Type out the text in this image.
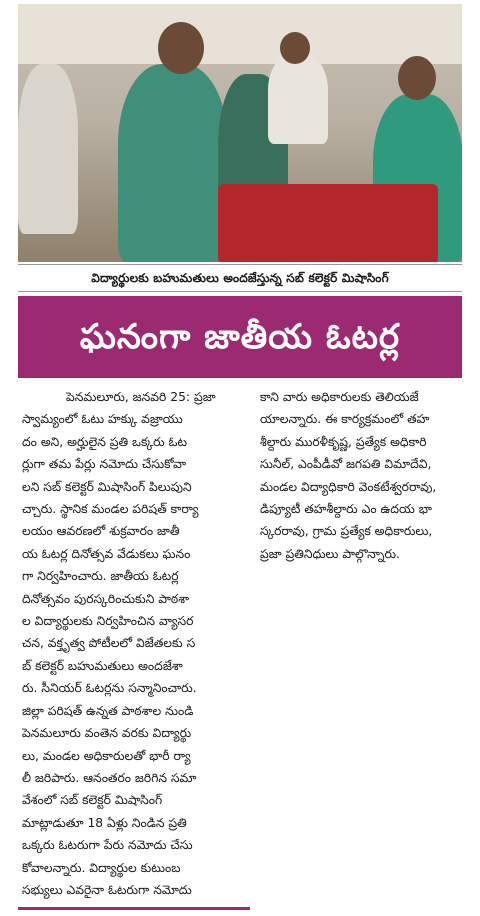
విద్యార్థులకు బహుమతులు అందజేస్తున్న సబ్ కలెక్టర్ మిషాసింగ్
ఘనంగా జాతీయ ఓటర్ల దినోత్సవం
పెనమలూరు, జనవరి 25: ప్రజా
స్వామ్యంలో ఓటు హక్కు వజ్రాయు
దం అని, అర్హులైన ప్రతి ఒక్కరు ఓట
ర్లుగా తమ పేర్లు నమోదు చేసుకోవా
లని సబ్ కలెక్టర్ మిషాసింగ్ పిలుపుని
చ్చారు. స్థానిక మండల పరిషత్ కార్యా
లయం ఆవరణలో శుక్రవారం జాతీ
య ఓటర్ల దినోత్సవ వేడుకలు ఘనం
గా నిర్వహించారు. జాతీయ ఓటర్ల
దినోత్సవం పురస్కరించుకుని పాఠశా
ల విద్యార్థులకు నిర్వహించిన వ్యాసర
చన, వక్తృత్వ పోటీలలో విజేతలకు స
బ్ కలెక్టర్ బహుమతులు అందజేశా
రు. సీనియర్ ఓటర్లను సన్మానించారు.
జిల్లా పరిషత్ ఉన్నత పాఠశాల నుండి
పెనమలూరు వంతెన వరకు విద్యార్థు
లు, మండల అధికారులతో భారీ ర్యా
లీ జరిపారు. ఆనంతరం జరిగిన సమా
వేశంలో సబ్ కలెక్టర్ మిషాసింగ్
మాట్లాడుతూ 18 ఏళ్లు నిండిన ప్రతి
ఒక్కరు ఓటరుగా పేరు నమోదు చేసు
కోవాలన్నారు. విద్యార్థుల కుటుంబ
సభ్యులు ఎవరైనా ఓటరుగా నమోదు
కాని వారు అధికారులకు తెలియజే
యాలన్నారు. ఈ కార్యక్రమంలో తహ
శీల్దారు మురళీకృష్ణ, ప్రత్యేక అధికారి
సునీల్, ఎంపీడీవో జగపతి విమాదేవి,
మండల విద్యాధికారి వెంకటేశ్వరరావు,
డిప్యూటీ తహశీల్దారు ఎం ఉదయ భా
స్కరరావు, గ్రామ ప్రత్యేక అధికారులు,
ప్రజా ప్రతినిధులు పాల్గొన్నారు.
